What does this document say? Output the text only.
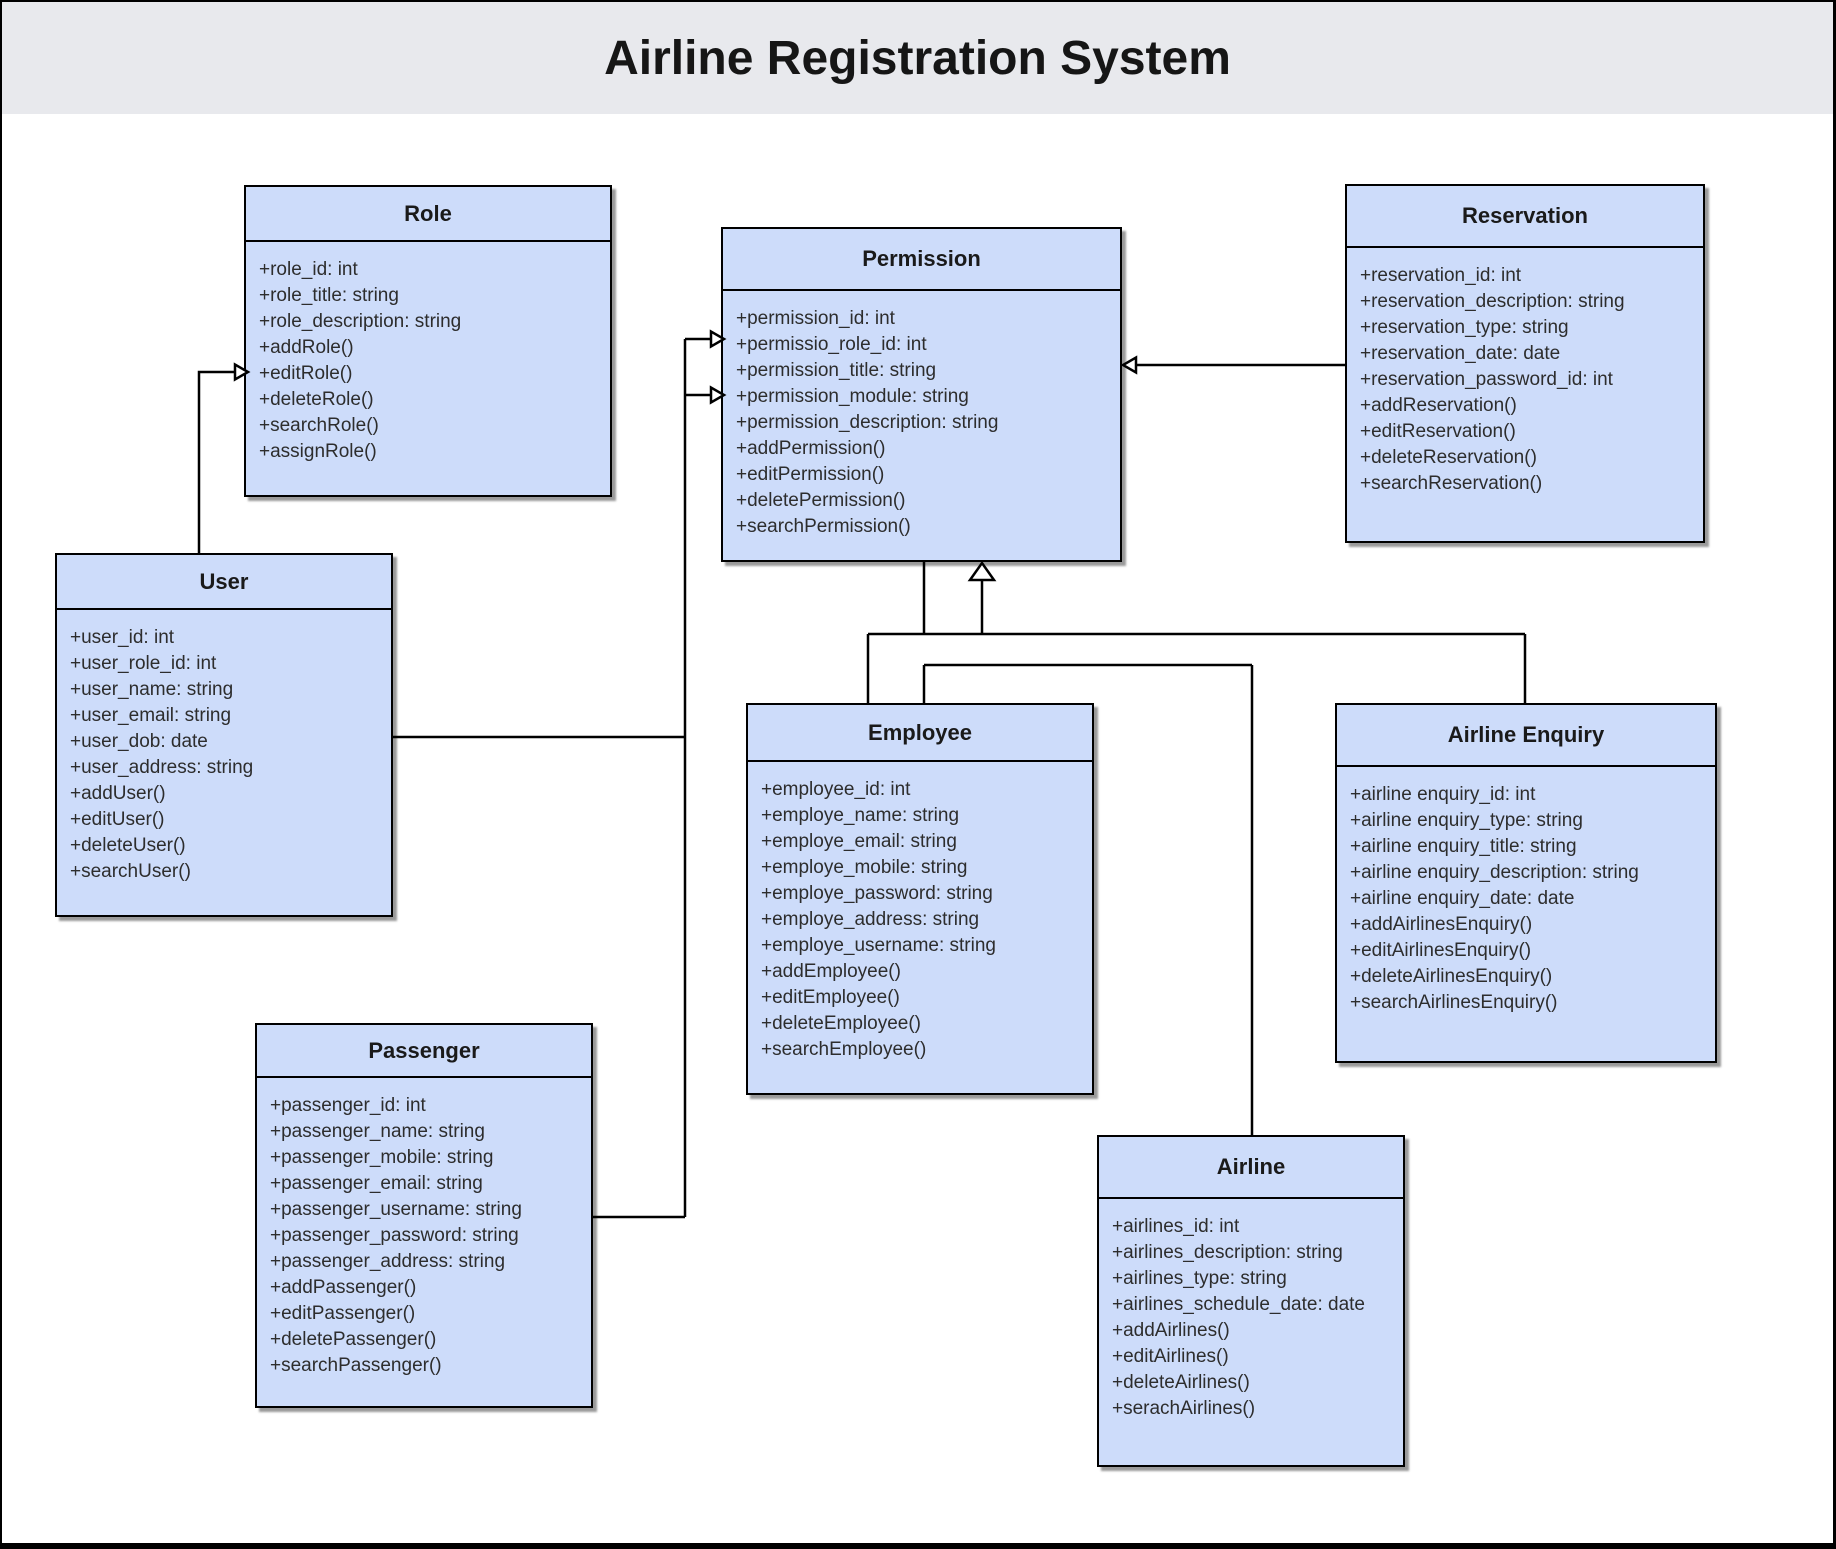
Airline Registration System
Role
+role_id: int
+role_title: string
+role_description: string
+addRole()
+editRole()
+deleteRole()
+searchRole()
+assignRole()
Permission
+permission_id: int
+permissio_role_id: int
+permission_title: string
+permission_module: string
+permission_description: string
+addPermission()
+editPermission()
+deletePermission()
+searchPermission()
Reservation
+reservation_id: int
+reservation_description: string
+reservation_type: string
+reservation_date: date
+reservation_password_id: int
+addReservation()
+editReservation()
+deleteReservation()
+searchReservation()
User
+user_id: int
+user_role_id: int
+user_name: string
+user_email: string
+user_dob: date
+user_address: string
+addUser()
+editUser()
+deleteUser()
+searchUser()
Employee
+employee_id: int
+employe_name: string
+employe_email: string
+employe_mobile: string
+employe_password: string
+employe_address: string
+employe_username: string
+addEmployee()
+editEmployee()
+deleteEmployee()
+searchEmployee()
Airline Enquiry
+airline enquiry_id: int
+airline enquiry_type: string
+airline enquiry_title: string
+airline enquiry_description: string
+airline enquiry_date: date
+addAirlinesEnquiry()
+editAirlinesEnquiry()
+deleteAirlinesEnquiry()
+searchAirlinesEnquiry()
Passenger
+passenger_id: int
+passenger_name: string
+passenger_mobile: string
+passenger_email: string
+passenger_username: string
+passenger_password: string
+passenger_address: string
+addPassenger()
+editPassenger()
+deletePassenger()
+searchPassenger()
Airline
+airlines_id: int
+airlines_description: string
+airlines_type: string
+airlines_schedule_date: date
+addAirlines()
+editAirlines()
+deleteAirlines()
+serachAirlines()
